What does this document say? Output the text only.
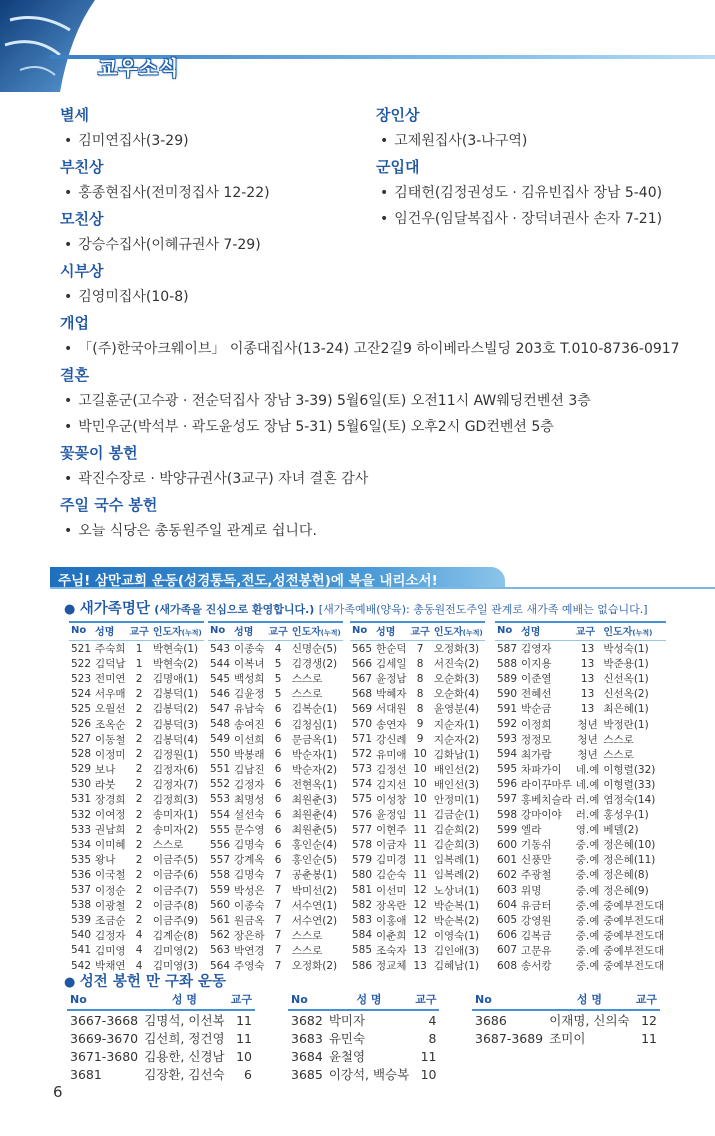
교우소식
별세
• 김미연집사(3-29)
부친상
• 홍종현집사(전미정집사 12-22)
모친상
• 강승수집사(이혜규권사 7-29)
시부상
• 김영미집사(10-8)
개업
• 「(주)한국아크웨이브」 이종대집사(13-24) 고잔2길9 하이베라스빌딩 203호 T.010-8736-0917
결혼
• 고길훈군(고수광 · 전순덕집사 장남 3-39) 5월6일(토) 오전11시 AW웨딩컨벤션 3층
• 박민우군(박석부 · 곽도윤성도 장남 5-31) 5월6일(토) 오후2시 GD컨벤션 5층
꽃꽂이 봉헌
• 곽진수장로 · 박양규권사(3교구) 자녀 결혼 감사
주일 국수 봉헌
• 오늘 식당은 총동원주일 관계로 쉽니다.
장인상
• 고제원집사(3-나구역)
군입대
• 김태헌(김정권성도 · 김유빈집사 장남 5-40)
• 임건우(임달복집사 · 장덕녀권사 손자 7-21)
주님! 삼만교회 운동(성경통독,전도,성전봉헌)에 복을 내리소서!
● 새가족명단 (새가족을 진심으로 환영합니다.) [새가족예배(양육): 총동원전도주일 관계로 새가족 예배는 없습니다.]
No	성명	교구	인도자(누적)
521	주숙희	1	박현숙(1)
522	김덕남	1	박현숙(2)
523	전미연	2	김명애(1)
524	서우매	2	김봉덕(1)
525	오월선	2	김봉덕(2)
526	조옥순	2	김봉덕(3)
527	이동철	2	김봉덕(4)
528	이정미	2	김정원(1)
529	보나	2	김정자(6)
530	라붓	2	김정자(7)
531	장경희	2	김정희(3)
532	이여정	2	송미자(1)
533	권남희	2	송미자(2)
534	이미혜	2	스스로
535	왕나	2	이금주(5)
536	이국철	2	이금주(6)
537	이정순	2	이금주(7)
538	이광철	2	이금주(8)
539	조금순	2	이금주(9)
540	김정자	4	김계순(8)
541	김미영	4	김미영(2)
542	박채연	4	김미영(3)
No	성명	교구	인도자(누적)
543	이종숙	4	신명순(5)
544	이복녀	5	김경생(2)
545	백성희	5	스스로
546	김윤정	5	스스로
547	유남숙	6	김복순(1)
548	송여진	6	김청심(1)
549	이선희	6	문금옥(1)
550	박봉래	6	박순자(1)
551	김남진	6	박순자(2)
552	김정자	6	전현옥(1)
553	최명성	6	최원춘(3)
554	설선숙	6	최원춘(4)
555	문수영	6	최원춘(5)
556	김명숙	6	홍인순(4)
557	강계옥	6	홍인순(5)
558	김명숙	7	공춘봉(1)
559	박성은	7	박미선(2)
560	이종숙	7	서수연(1)
561	원금옥	7	서수연(2)
562	장은하	7	스스로
563	박연경	7	스스로
564	주영숙	7	오정화(2)
No	성명	교구	인도자(누적)
565	한순덕	7	오정화(3)
566	김세일	8	서진숙(2)
567	윤정남	8	오순화(3)
568	박혜자	8	오순화(4)
569	서대원	8	윤영분(4)
570	송연자	9	지순자(1)
571	강신례	9	지순자(2)
572	유미애	10	김화남(1)
573	김정선	10	배인선(2)
574	김지선	10	배인선(3)
575	이성창	10	안정미(1)
576	윤정임	11	김금순(1)
577	이현주	11	김순희(2)
578	이금자	11	김순희(3)
579	김미경	11	임복례(1)
580	김순숙	11	임복례(2)
581	이선미	12	노상녀(1)
582	장옥란	12	박순복(1)
583	이홍애	12	박순복(2)
584	이춘희	12	이영숙(1)
585	조숙자	13	김인애(3)
586	정교체	13	김혜남(1)
No	성명	교구	인도자(누적)
587	김영자	13	박성숙(1)
588	이지용	13	박준용(1)
589	이준열	13	신선옥(1)
590	전혜선	13	신선옥(2)
591	박순금	13	최은혜(1)
592	이정희	청년	박정란(1)
593	정정모	청년	스스로
594	최가람	청년	스스로
595	차파가이	네.예	이형렬(32)
596	라이꾸마루	네.예	이형렬(33)
597	홍베치슬라	러.예	염정숙(14)
598	강마이야	러.예	홍성우(1)
599	엘라	영.예	베델(2)
600	기동쉬	중.예	정은혜(10)
601	신풍만	중.예	정은혜(11)
602	주광철	중.예	정은혜(8)
603	위명	중.예	정은혜(9)
604	유금터	중.예	중예부전도대
605	강영원	중.예	중예부전도대
606	김복금	중.예	중예부전도대
607	고문유	중.예	중예부전도대
608	송서캉	중.예	중예부전도대
● 성전 봉헌 만 구좌 운동
No	성 명	교구
3667-3668	김명석, 이선복	11
3669-3670	김선희, 정건영	11
3671-3680	김용한, 신경남	10
3681	김장환, 김선숙	6
No	성 명	교구
3682	박미자	4
3683	유민숙	8
3684	윤철영	11
3685	이강석, 백승복	10
No	성 명	교구
3686	이재명, 신의숙	12
3687-3689	조미이	11
6
